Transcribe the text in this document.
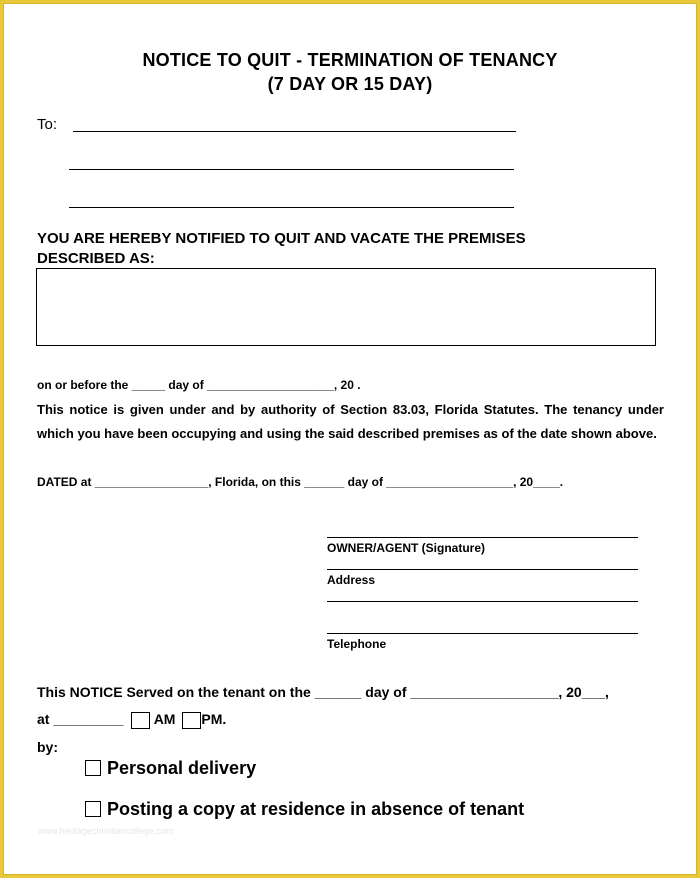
NOTICE TO QUIT - TERMINATION OF TENANCY
(7 DAY OR 15 DAY)
To:
YOU ARE HEREBY NOTIFIED TO QUIT AND VACATE THE PREMISES
DESCRIBED AS:
on or before the _____ day of ___________________, 20 .
This notice is given under and by authority of Section 83.03, Florida Statutes. The tenancy under which you have been occupying and using the said described premises as of the date shown above.
DATED at _________________, Florida, on this ______ day of ___________________, 20____.
OWNER/AGENT (Signature)
Address
Telephone
This NOTICE Served on the tenant on the ______ day of ___________________, 20___,
at _________ AM PM.
by:
Personal delivery
Posting a copy at residence in absence of tenant
www.heritagechristiancollege.com
